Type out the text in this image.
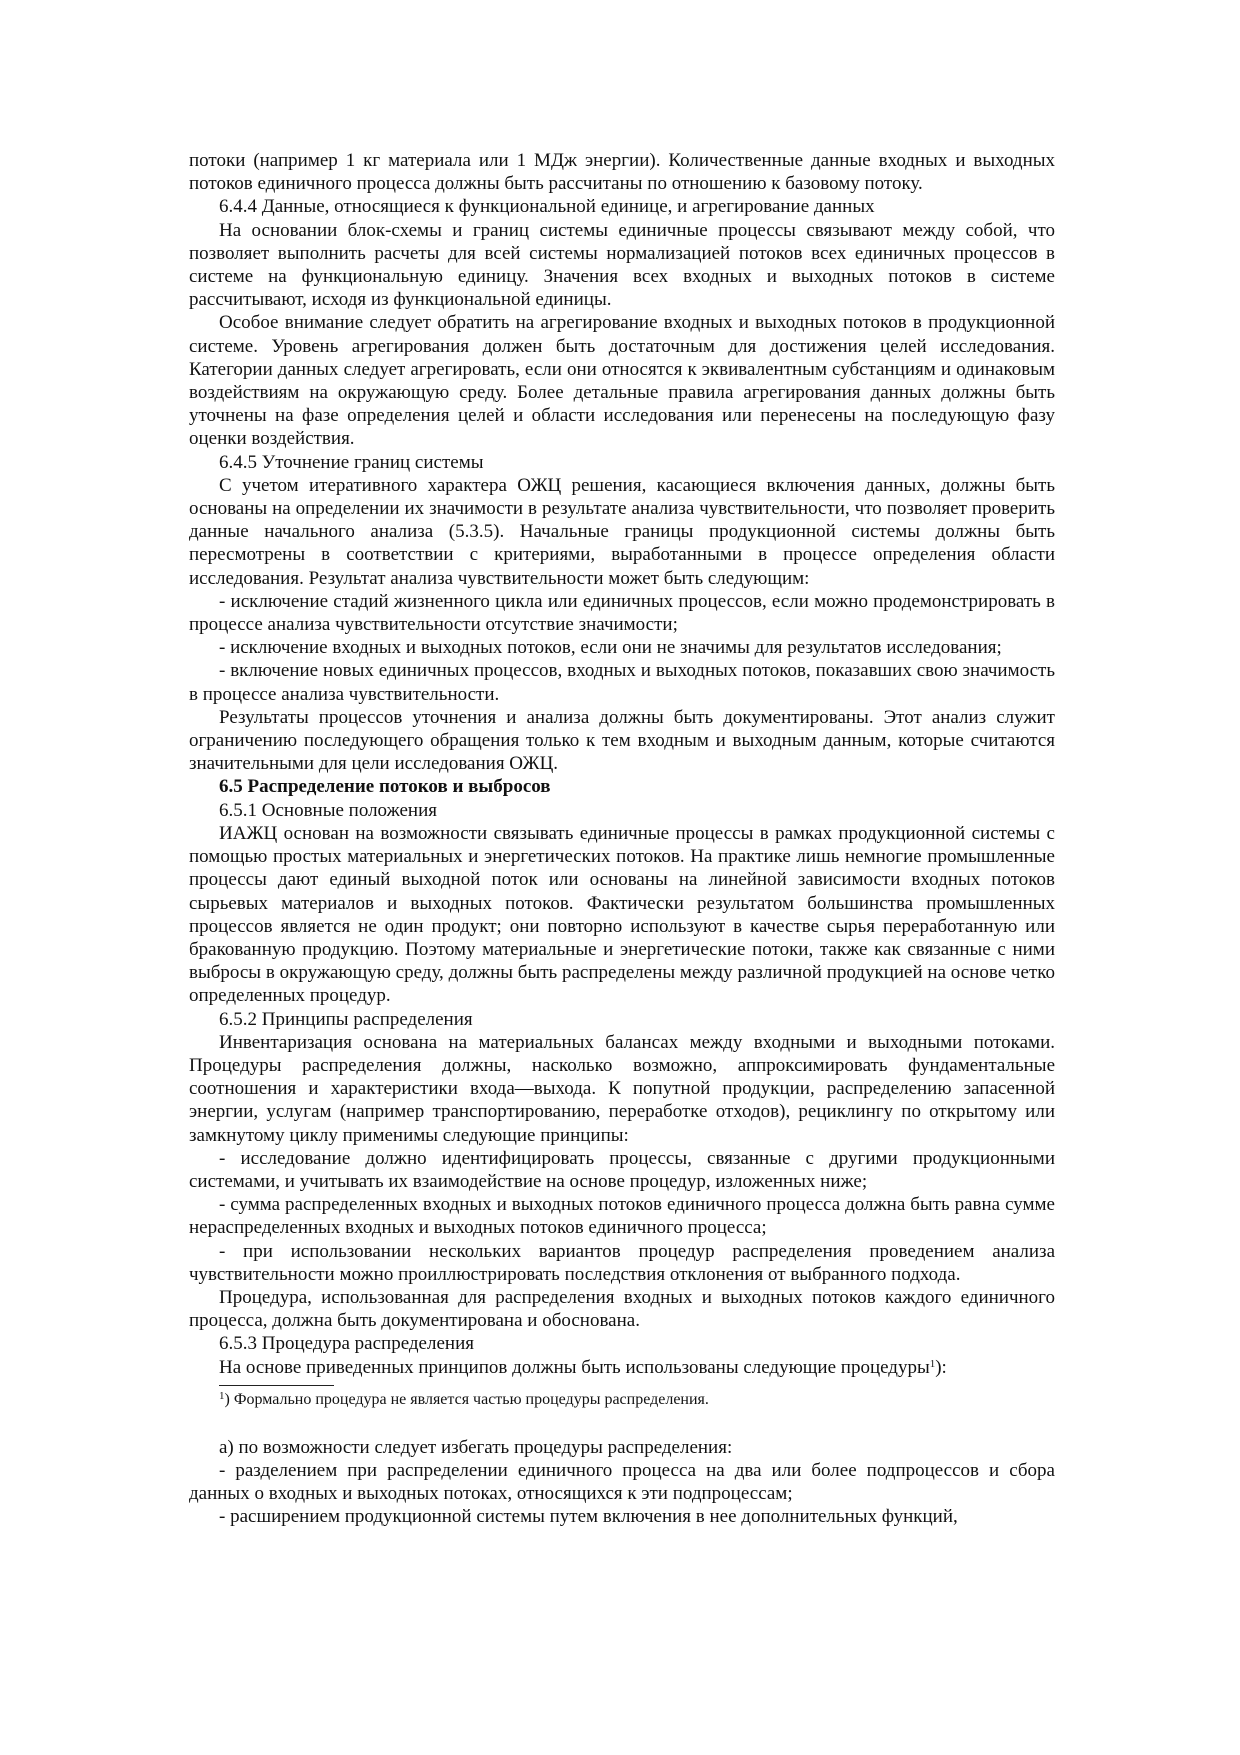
потоки (например 1 кг материала или 1 МДж энергии). Количественные данные входных и выходных потоков единичного процесса должны быть рассчитаны по отношению к базовому потоку.

6.4.4 Данные, относящиеся к функциональной единице, и агрегирование данных

На основании блок-схемы и границ системы единичные процессы связывают между собой, что позволяет выполнить расчеты для всей системы нормализацией потоков всех единичных процессов в системе на функциональную единицу. Значения всех входных и выходных потоков в системе рассчитывают, исходя из функциональной единицы.

Особое внимание следует обратить на агрегирование входных и выходных потоков в продукционной системе. Уровень агрегирования должен быть достаточным для достижения целей исследования. Категории данных следует агрегировать, если они относятся к эквивалентным субстанциям и одинаковым воздействиям на окружающую среду. Более детальные правила агрегирования данных должны быть уточнены на фазе определения целей и области исследования или перенесены на последующую фазу оценки воздействия.

6.4.5 Уточнение границ системы

С учетом итеративного характера ОЖЦ решения, касающиеся включения данных, должны быть основаны на определении их значимости в результате анализа чувствительности, что позволяет проверить данные начального анализа (5.3.5). Начальные границы продукционной системы должны быть пересмотрены в соответствии с критериями, выработанными в процессе определения области исследования. Результат анализа чувствительности может быть следующим:

- исключение стадий жизненного цикла или единичных процессов, если можно продемонстрировать в процессе анализа чувствительности отсутствие значимости;

- исключение входных и выходных потоков, если они не значимы для результатов исследования;

- включение новых единичных процессов, входных и выходных потоков, показавших свою значимость в процессе анализа чувствительности.

Результаты процессов уточнения и анализа должны быть документированы. Этот анализ служит ограничению последующего обращения только к тем входным и выходным данным, которые считаются значительными для цели исследования ОЖЦ.

6.5 Распределение потоков и выбросов

6.5.1 Основные положения

ИАЖЦ основан на возможности связывать единичные процессы в рамках продукционной системы с помощью простых материальных и энергетических потоков. На практике лишь немногие промышленные процессы дают единый выходной поток или основаны на линейной зависимости входных потоков сырьевых материалов и выходных потоков. Фактически результатом большинства промышленных процессов является не один продукт; они повторно используют в качестве сырья переработанную или бракованную продукцию. Поэтому материальные и энергетические потоки, также как связанные с ними выбросы в окружающую среду, должны быть распределены между различной продукцией на основе четко определенных процедур.

6.5.2 Принципы распределения

Инвентаризация основана на материальных балансах между входными и выходными потоками. Процедуры распределения должны, насколько возможно, аппроксимировать фундаментальные соотношения и характеристики входа—выхода. К попутной продукции, распределению запасенной энергии, услугам (например транспортированию, переработке отходов), рециклингу по открытому или замкнутому циклу применимы следующие принципы:

- исследование должно идентифицировать процессы, связанные с другими продукционными системами, и учитывать их взаимодействие на основе процедур, изложенных ниже;

- сумма распределенных входных и выходных потоков единичного процесса должна быть равна сумме нераспределенных входных и выходных потоков единичного процесса;

- при использовании нескольких вариантов процедур распределения проведением анализа чувствительности можно проиллюстрировать последствия отклонения от выбранного подхода.

Процедура, использованная для распределения входных и выходных потоков каждого единичного процесса, должна быть документирована и обоснована.

6.5.3 Процедура распределения

На основе приведенных принципов должны быть использованы следующие процедуры$^1$):

$^1$) Формально процедура не является частью процедуры распределения.

а) по возможности следует избегать процедуры распределения:

- разделением при распределении единичного процесса на два или более подпроцессов и сбора данных о входных и выходных потоках, относящихся к эти подпроцессам;

- расширением продукционной системы путем включения в нее дополнительных функций,
